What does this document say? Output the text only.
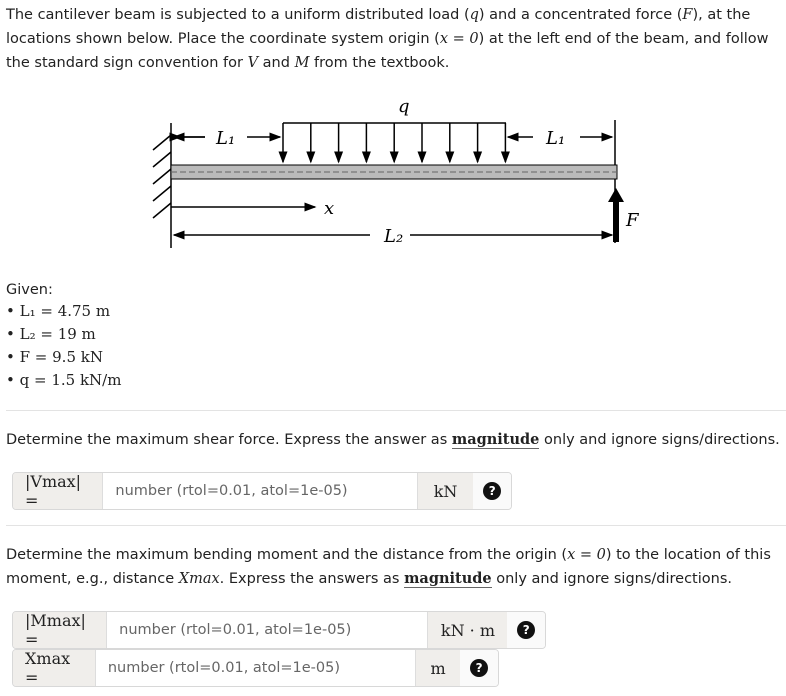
The cantilever beam is subjected to a uniform distributed load (q) and a concentrated force (F), at the locations shown below. Place the coordinate system origin (x = 0) at the left end of the beam, and follow the standard sign convention for V and M from the textbook.
q
L₁	L₁
x
L₂
F
Given:
• L₁ = 4.75 m
• L₂ = 19 m
• F = 9.5 kN
• q = 1.5 kN/m
Determine the maximum shear force. Express the answer as magnitude only and ignore signs/directions.
|Vmax| =
number (rtol=0.01, atol=1e-05)	kN	?
Determine the maximum bending moment and the distance from the origin (x = 0) to the location of this moment, e.g., distance Xmax. Express the answers as magnitude only and ignore signs/directions.
|Mmax| =
number (rtol=0.01, atol=1e-05)	kN · m	?
Xmax =
number (rtol=0.01, atol=1e-05)	m	?
